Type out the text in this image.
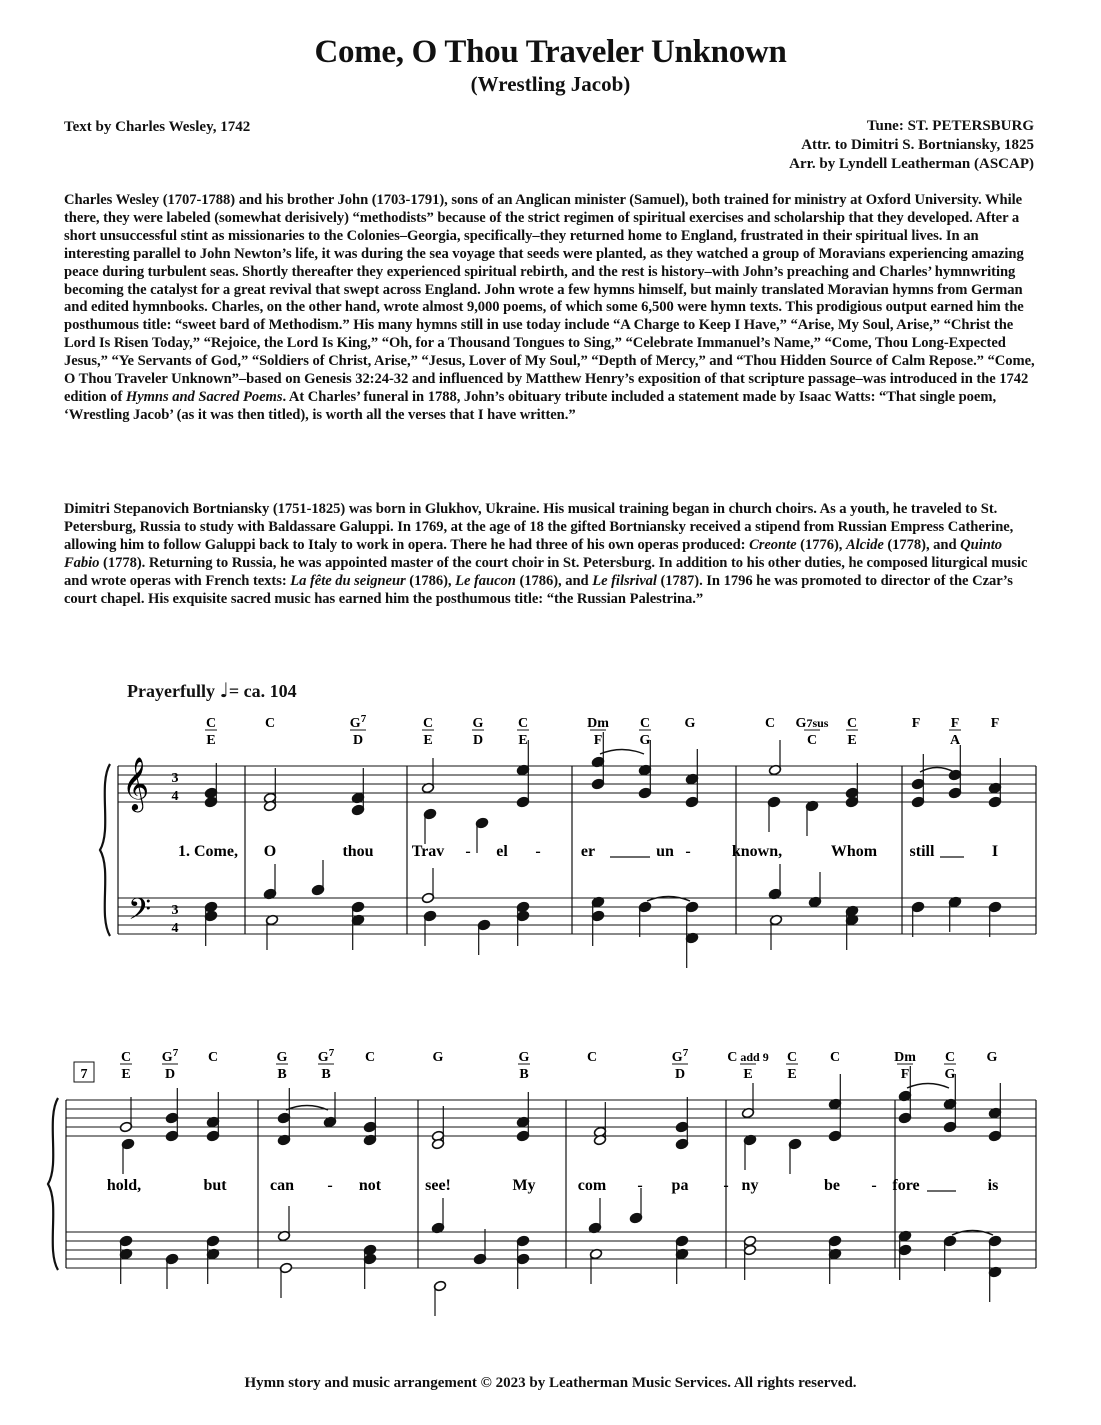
Come, O Thou Traveler Unknown
(Wrestling Jacob)
Text by Charles Wesley, 1742	Tune: ST. PETERSBURG
Attr. to Dimitri S. Bortniansky, 1825
Arr. by Lyndell Leatherman (ASCAP)

Charles Wesley (1707-1788) and his brother John (1703-1791), sons of an Anglican minister (Samuel), both trained for ministry at Oxford University. While there, they were labeled (somewhat derisively) “methodists” because of the strict regimen of spiritual exercises and scholarship that they developed. After a short unsuccessful stint as missionaries to the Colonies–Georgia, specifically–they returned home to England, frustrated in their spiritual lives. In an interesting parallel to John Newton’s life, it was during the sea voyage that seeds were planted, as they watched a group of Moravians experiencing amazing peace during turbulent seas. Shortly thereafter they experienced spiritual rebirth, and the rest is history–with John’s preaching and Charles’ hymnwriting becoming the catalyst for a great revival that swept across England. John wrote a few hymns himself, but mainly translated Moravian hymns from German and edited hymnbooks. Charles, on the other hand, wrote almost 9,000 poems, of which some 6,500 were hymn texts. This prodigious output earned him the posthumous title: “sweet bard of Methodism.” His many hymns still in use today include “A Charge to Keep I Have,” “Arise, My Soul, Arise,” “Christ the Lord Is Risen Today,” “Rejoice, the Lord Is King,” “Oh, for a Thousand Tongues to Sing,” “Celebrate Immanuel’s Name,” “Come, Thou Long-Expected Jesus,” “Ye Servants of God,” “Soldiers of Christ, Arise,” “Jesus, Lover of My Soul,” “Depth of Mercy,” and “Thou Hidden Source of Calm Repose.” “Come, O Thou Traveler Unknown”–based on Genesis 32:24-32 and influenced by Matthew Henry’s exposition of that scripture passage–was introduced in the 1742 edition of Hymns and Sacred Poems. At Charles’ funeral in 1788, John’s obituary tribute included a statement made by Isaac Watts: “That single poem, ‘Wrestling Jacob’ (as it was then titled), is worth all the verses that I have written.”

Dimitri Stepanovich Bortniansky (1751-1825) was born in Glukhov, Ukraine. His musical training began in church choirs. As a youth, he traveled to St. Petersburg, Russia to study with Baldassare Galuppi. In 1769, at the age of 18 the gifted Bortniansky received a stipend from Russian Empress Catherine, allowing him to follow Galuppi back to Italy to work in opera. There he had three of his own operas produced: Creonte (1776), Alcide (1778), and Quinto Fabio (1778). Returning to Russia, he was appointed master of the court choir in St. Petersburg. In addition to his other duties, he composed liturgical music and wrote operas with French texts: La fête du seigneur (1786), Le faucon (1786), and Le filsrival (1787). In 1796 he was promoted to director of the Czar’s court chapel. His exquisite sacred music has earned him the posthumous title: “the Russian Palestrina.”

Prayerfully ♩= ca. 104
𝄞
𝄢
3
4
3
4
C
E
C	$G^7$
D
C
E
G
D
C
E
Dm
F
C
G
G	C G7sus
C
C
E
F F
A
F
1. Come, O	thou Trav - el -	er	un -	known,	Whom still	I
7
C
E
$G^7$
D
C	G
B
$G^7$
B
C	G	G
B
C	$G^7$
D
C add 9
E
C
E
C	Dm
F
C
G
G
hold,	but	can - not	see!	My	com - pa - ny	be - fore	is
Hymn story and music arrangement © 2023 by Leatherman Music Services. All rights reserved.
